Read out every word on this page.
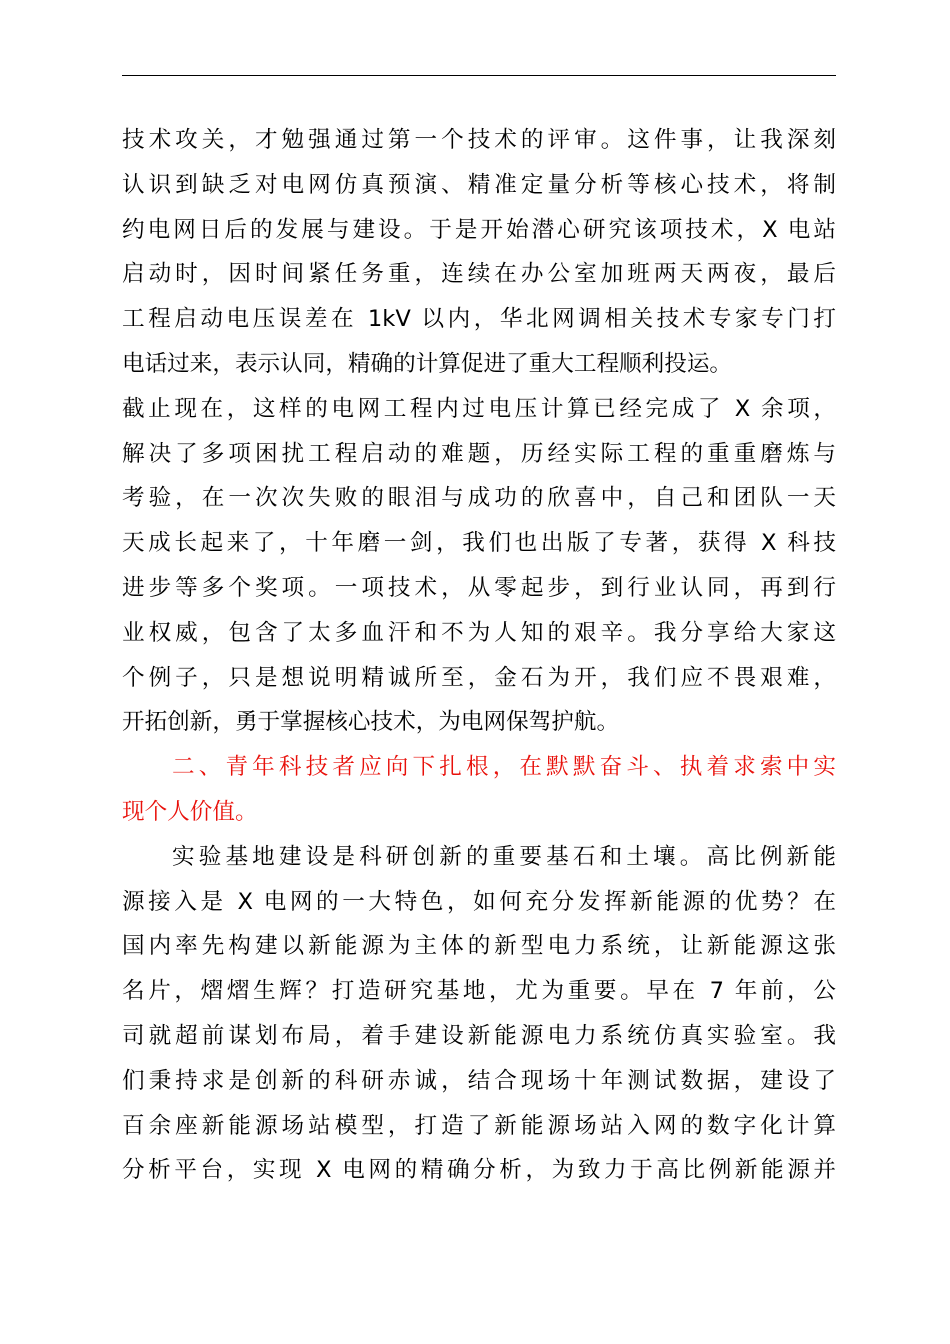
技术攻关，才勉强通过第一个技术的评审。这件事，让我深刻
认识到缺乏对电网仿真预演、精准定量分析等核心技术，将制
约电网日后的发展与建设。于是开始潜心研究该项技术，X 电站
启动时，因时间紧任务重，连续在办公室加班两天两夜，最后
工程启动电压误差在 1kV 以内，华北网调相关技术专家专门打
电话过来，表示认同，精确的计算促进了重大工程顺利投运。
截止现在，这样的电网工程内过电压计算已经完成了 X 余项，
解决了多项困扰工程启动的难题，历经实际工程的重重磨炼与
考验，在一次次失败的眼泪与成功的欣喜中，自己和团队一天
天成长起来了，十年磨一剑，我们也出版了专著，获得 X 科技
进步等多个奖项。一项技术，从零起步，到行业认同，再到行
业权威，包含了太多血汗和不为人知的艰辛。我分享给大家这
个例子，只是想说明精诚所至，金石为开，我们应不畏艰难，
开拓创新，勇于掌握核心技术，为电网保驾护航。
二、青年科技者应向下扎根，在默默奋斗、执着求索中实
现个人价值。
实验基地建设是科研创新的重要基石和土壤。高比例新能
源接入是 X 电网的一大特色，如何充分发挥新能源的优势？在
国内率先构建以新能源为主体的新型电力系统，让新能源这张
名片，熠熠生辉？打造研究基地，尤为重要。早在 7 年前，公
司就超前谋划布局，着手建设新能源电力系统仿真实验室。我
们秉持求是创新的科研赤诚，结合现场十年测试数据，建设了
百余座新能源场站模型，打造了新能源场站入网的数字化计算
分析平台，实现 X 电网的精确分析，为致力于高比例新能源并
